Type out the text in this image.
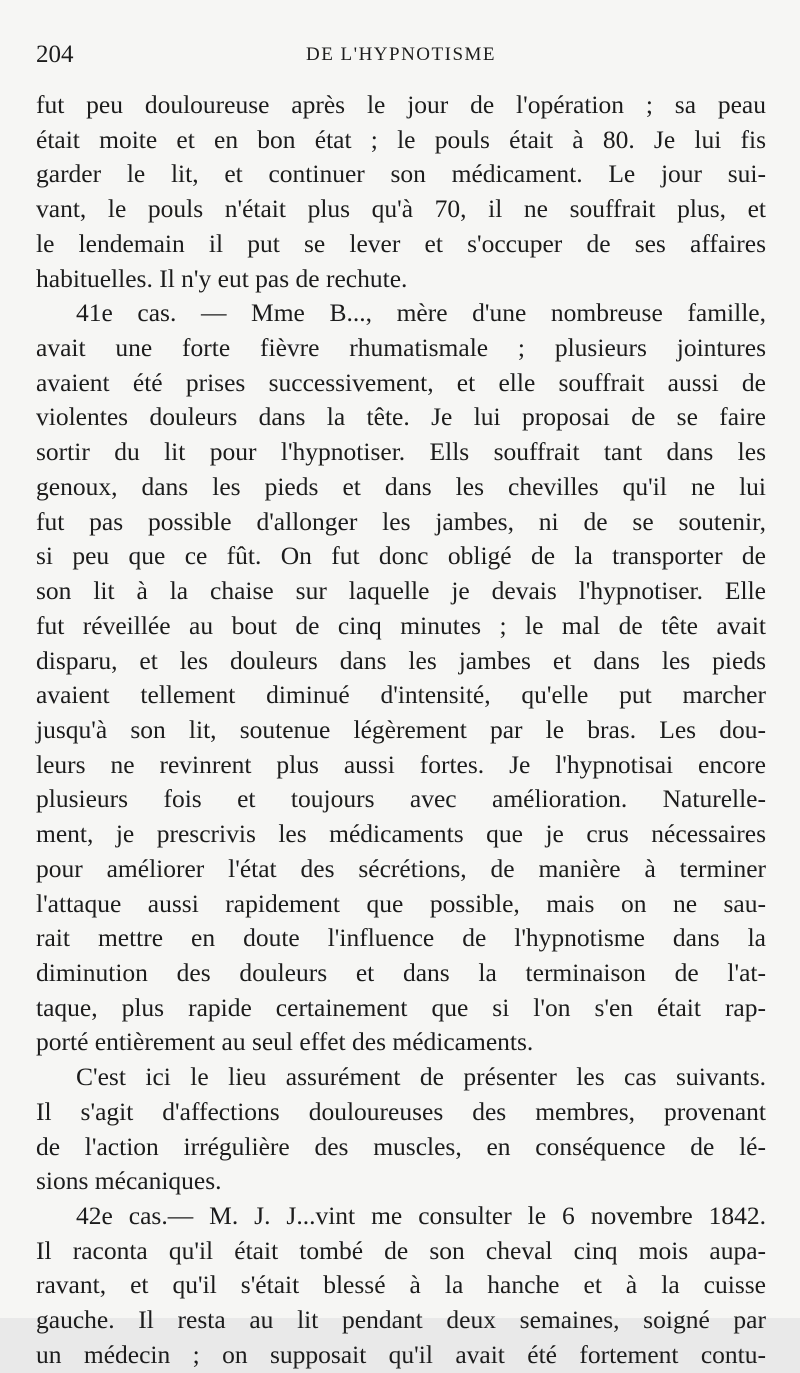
204	DE L'HYPNOTISME
fut peu douloureuse après le jour de l'opération ; sa peau
était moite et en bon état ; le pouls était à 80. Je lui fis
garder le lit, et continuer son médicament. Le jour sui-
vant, le pouls n'était plus qu'à 70, il ne souffrait plus, et
le lendemain il put se lever et s'occuper de ses affaires
habituelles. Il n'y eut pas de rechute.
41e cas. — Mme B..., mère d'une nombreuse famille,
avait une forte fièvre rhumatismale ; plusieurs jointures
avaient été prises successivement, et elle souffrait aussi de
violentes douleurs dans la tête. Je lui proposai de se faire
sortir du lit pour l'hypnotiser. Ells souffrait tant dans les
genoux, dans les pieds et dans les chevilles qu'il ne lui
fut pas possible d'allonger les jambes, ni de se soutenir,
si peu que ce fût. On fut donc obligé de la transporter de
son lit à la chaise sur laquelle je devais l'hypnotiser. Elle
fut réveillée au bout de cinq minutes ; le mal de tête avait
disparu, et les douleurs dans les jambes et dans les pieds
avaient tellement diminué d'intensité, qu'elle put marcher
jusqu'à son lit, soutenue légèrement par le bras. Les dou-
leurs ne revinrent plus aussi fortes. Je l'hypnotisai encore
plusieurs fois et toujours avec amélioration. Naturelle-
ment, je prescrivis les médicaments que je crus nécessaires
pour améliorer l'état des sécrétions, de manière à terminer
l'attaque aussi rapidement que possible, mais on ne sau-
rait mettre en doute l'influence de l'hypnotisme dans la
diminution des douleurs et dans la terminaison de l'at-
taque, plus rapide certainement que si l'on s'en était rap-
porté entièrement au seul effet des médicaments.
C'est ici le lieu assurément de présenter les cas suivants.
Il s'agit d'affections douloureuses des membres, provenant
de l'action irrégulière des muscles, en conséquence de lé-
sions mécaniques.
42e cas.— M. J. J...vint me consulter le 6 novembre 1842.
Il raconta qu'il était tombé de son cheval cinq mois aupa-
ravant, et qu'il s'était blessé à la hanche et à la cuisse
gauche. Il resta au lit pendant deux semaines, soigné par
un médecin ; on supposait qu'il avait été fortement contu-
